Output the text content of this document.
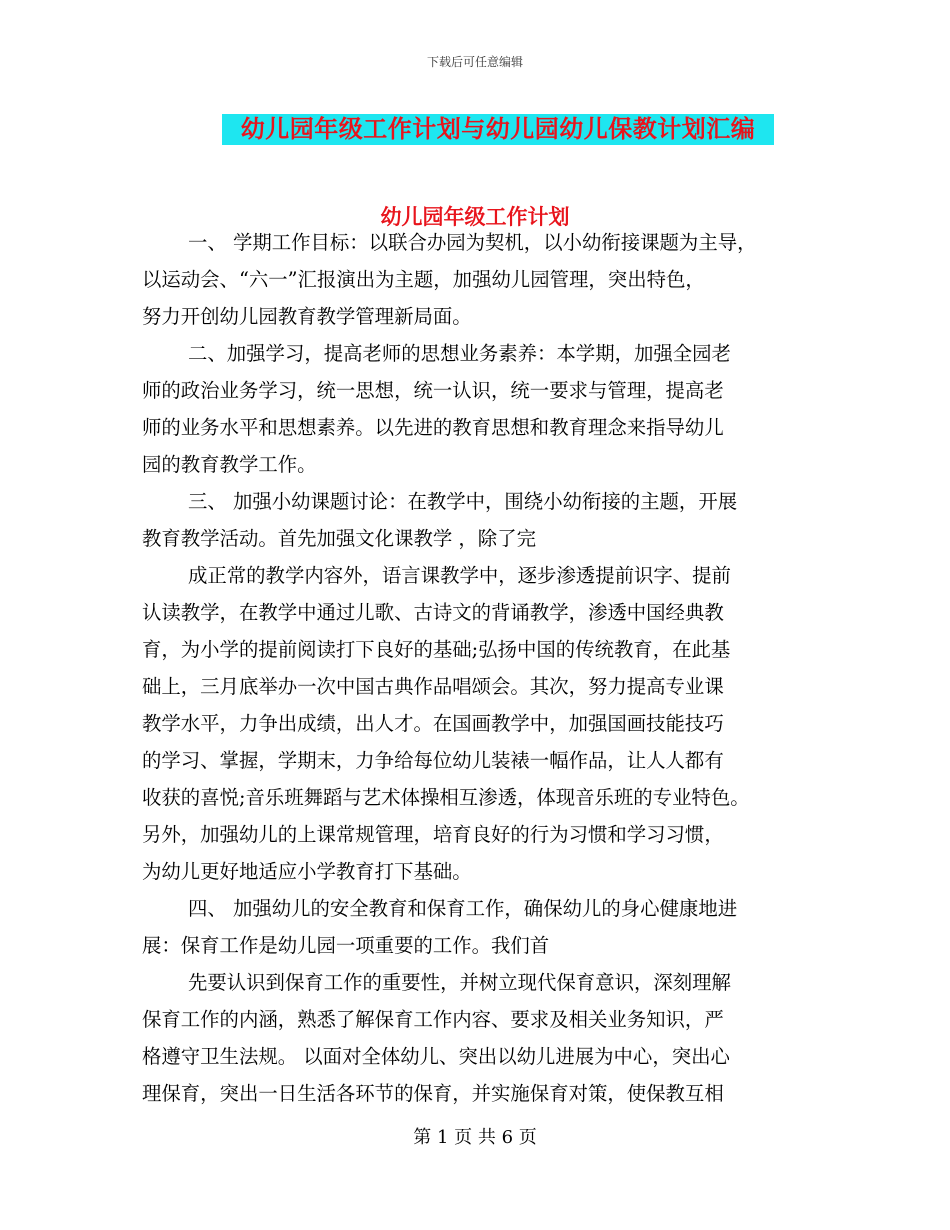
下载后可任意编辑
幼儿园年级工作计划与幼儿园幼儿保教计划汇编
幼儿园年级工作计划
一、 学期工作目标：以联合办园为契机，以小幼衔接课题为主导，
以运动会、“六一”汇报演出为主题，加强幼儿园管理，突出特色，
努力开创幼儿园教育教学管理新局面。
二、加强学习，提高老师的思想业务素养：本学期，加强全园老
师的政治业务学习，统一思想，统一认识，统一要求与管理，提高老
师的业务水平和思想素养。以先进的教育思想和教育理念来指导幼儿
园的教育教学工作。
三、 加强小幼课题讨论：在教学中，围绕小幼衔接的主题，开展
教育教学活动。首先加强文化课教学 ，除了完
成正常的教学内容外，语言课教学中，逐步渗透提前识字、提前
认读教学，在教学中通过儿歌、古诗文的背诵教学，渗透中国经典教
育，为小学的提前阅读打下良好的基础;弘扬中国的传统教育，在此基
础上，三月底举办一次中国古典作品唱颂会。其次，努力提高专业课
教学水平，力争出成绩，出人才。在国画教学中，加强国画技能技巧
的学习、掌握，学期末，力争给每位幼儿装裱一幅作品，让人人都有
收获的喜悦;音乐班舞蹈与艺术体操相互渗透，体现音乐班的专业特色。
另外，加强幼儿的上课常规管理，培育良好的行为习惯和学习习惯，
为幼儿更好地适应小学教育打下基础。
四、 加强幼儿的安全教育和保育工作，确保幼儿的身心健康地进
展：保育工作是幼儿园一项重要的工作。我们首
先要认识到保育工作的重要性，并树立现代保育意识，深刻理解
保育工作的内涵，熟悉了解保育工作内容、要求及相关业务知识，严
格遵守卫生法规。 以面对全体幼儿、突出以幼儿进展为中心，突出心
理保育，突出一日生活各环节的保育，并实施保育对策，使保教互相
第 1 页 共 6 页
